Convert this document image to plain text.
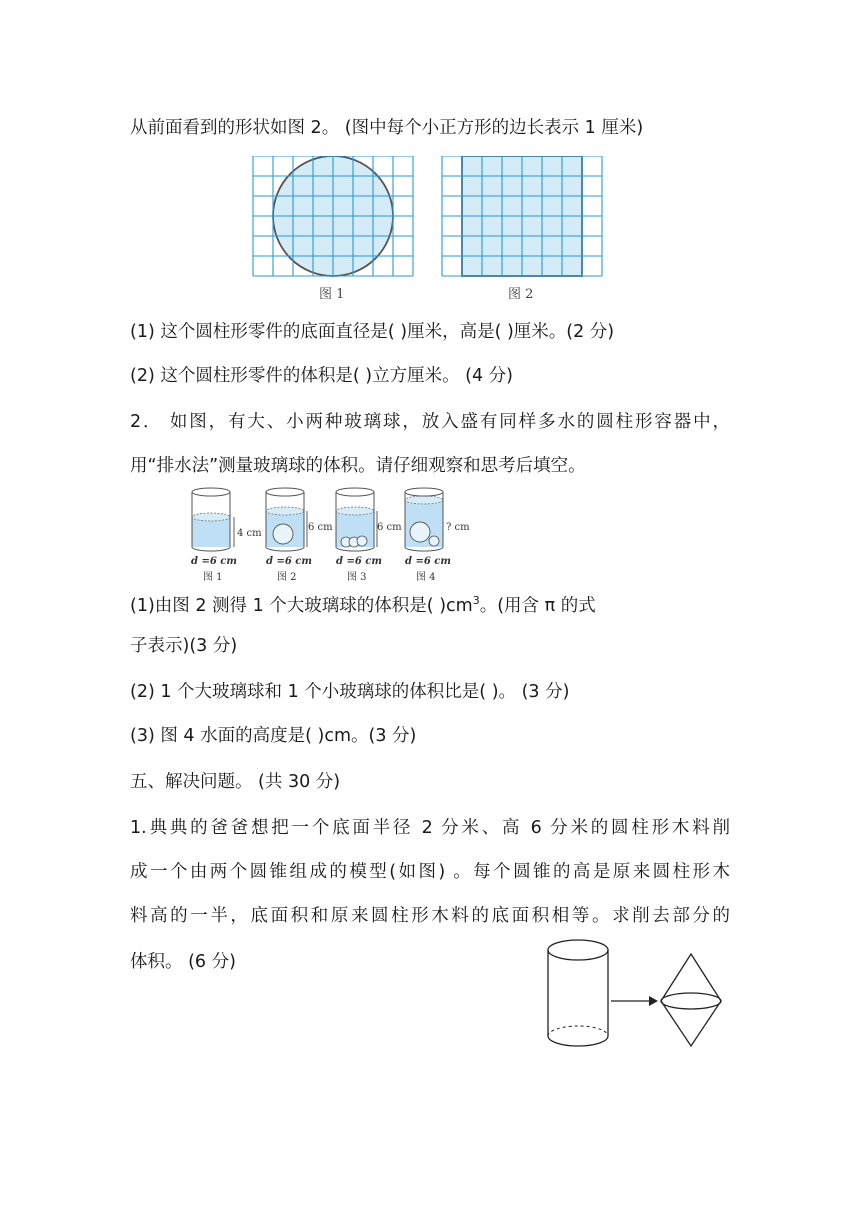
从前面看到的形状如图 2。 (图中每个小正方形的边长表示 1 厘米)
图 1	图 2
(1) 这个圆柱形零件的底面直径是( )厘米，高是( )厘米。(2 分)
(2) 这个圆柱形零件的体积是( )立方厘米。 (4 分)
2． 如图，有大、小两种玻璃球，放入盛有同样多水的圆柱形容器中，
用“排水法”测量玻璃球的体积。请仔细观察和思考后填空。
4 cm
d =6 cm
图 1
6 cm
d =6 cm
图 2
6 cm
d =6 cm
图 3
? cm
d =6 cm
图 4
(1)由图 2 测得 1 个大玻璃球的体积是( )$cm^3$。(用含 π 的式
子表示)(3 分)
(2) 1 个大玻璃球和 1 个小玻璃球的体积比是( )。 (3 分)
(3) 图 4 水面的高度是( )cm。(3 分)
五、解决问题。 (共 30 分)
1.典典的爸爸想把一个底面半径 2 分米、高 6 分米的圆柱形木料削
成一个由两个圆锥组成的模型(如图) 。每个圆锥的高是原来圆柱形木
料高的一半，底面积和原来圆柱形木料的底面积相等。求削去部分的
体积。 (6 分)
